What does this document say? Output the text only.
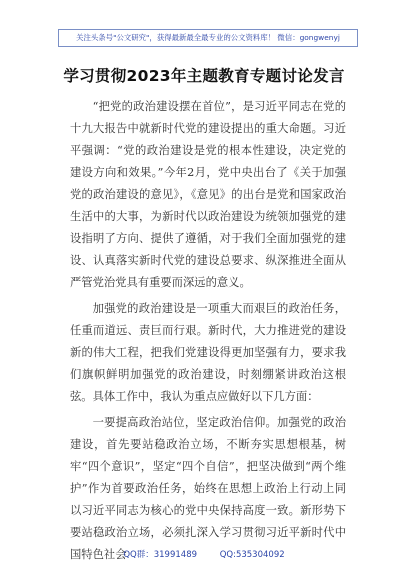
关注头条号"公文研究"，获得最新最全最专业的公文资料库！ 微信：gongwenyj
学习贯彻2023年主题教育专题讨论发言

“把党的政治建设摆在首位”，是习近平同志在党的十九大报告中就新时代党的建设提出的重大命题。习近平强调：“党的政治建设是党的根本性建设，决定党的建设方向和效果。”今年2月，党中央出台了《关于加强党的政治建设的意见》，《意见》的出台是党和国家政治生活中的大事，为新时代以政治建设为统领加强党的建设指明了方向、提供了遵循，对于我们全面加强党的建设、认真落实新时代党的建设总要求、纵深推进全面从严管党治党具有重要而深远的意义。

加强党的政治建设是一项重大而艰巨的政治任务，任重而道远、责巨而行艰。新时代，大力推进党的建设新的伟大工程，把我们党建设得更加坚强有力，要求我们旗帜鲜明加强党的政治建设，时刻绷紧讲政治这根弦。具体工作中，我认为重点应做好以下几方面：

一要提高政治站位，坚定政治信仰。加强党的政治建设，首先要站稳政治立场，不断夯实思想根基，树牢“四个意识”，坚定“四个自信”，把坚决做到“两个维护”作为首要政治任务，始终在思想上政治上行动上同以习近平同志为核心的党中央保持高度一致。新形势下要站稳政治立场，必须扎深入学习贯彻习近平新时代中国特色社会

QQ群：31991489	QQ:535304092
